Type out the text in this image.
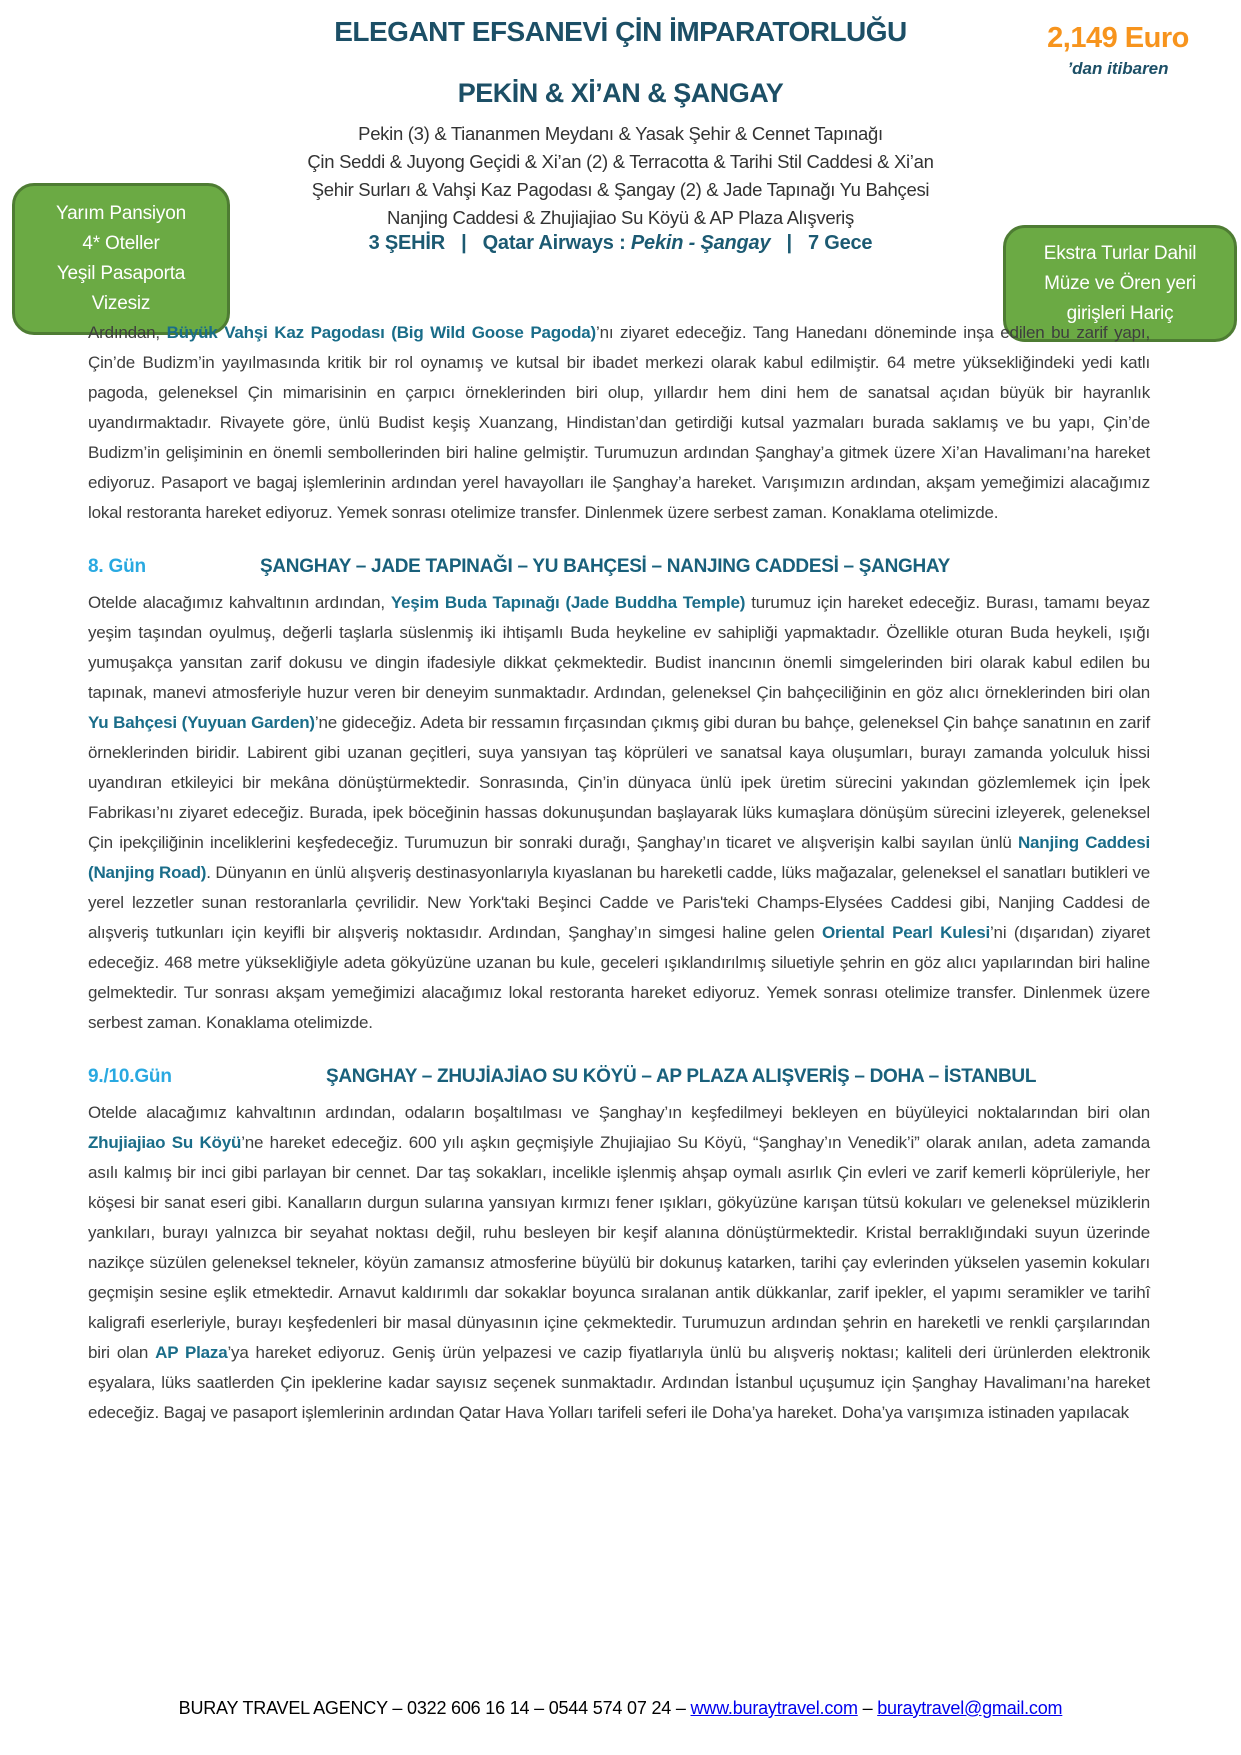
ELEGANT EFSANEVİ ÇİN İMPARATORLUĞU
PEKİN & Xİ’AN & ŞANGAY
2,149 Euro
’dan itibaren
Pekin (3) & Tiananmen Meydanı & Yasak Şehir & Cennet Tapınağı
Çin Seddi & Juyong Geçidi & Xi’an (2) & Terracotta & Tarihi Stil Caddesi & Xi’an
Şehir Surları & Vahşi Kaz Pagodası & Şangay (2) & Jade Tapınağı Yu Bahçesi
Nanjing Caddesi & Zhujiajiao Su Köyü & AP Plaza Alışveriş
3 ŞEHİR   |   Qatar Airways : Pekin - Şangay   |   7 Gece
Yarım Pansiyon
4* Oteller
Yeşil Pasaporta
Vizesiz
Ekstra Turlar Dahil
Müze ve Ören yeri
girişleri Hariç

Ardından, Büyük Vahşi Kaz Pagodası (Big Wild Goose Pagoda)’nı ziyaret edeceğiz. Tang Hanedanı döneminde inşa edilen bu zarif yapı, Çin’de Budizm’in yayılmasında kritik bir rol oynamış ve kutsal bir ibadet merkezi olarak kabul edilmiştir. 64 metre yüksekliğindeki yedi katlı pagoda, geleneksel Çin mimarisinin en çarpıcı örneklerinden biri olup, yıllardır hem dini hem de sanatsal açıdan büyük bir hayranlık uyandırmaktadır. Rivayete göre, ünlü Budist keşiş Xuanzang, Hindistan’dan getirdiği kutsal yazmaları burada saklamış ve bu yapı, Çin’de Budizm’in gelişiminin en önemli sembollerinden biri haline gelmiştir. Turumuzun ardından Şanghay’a gitmek üzere Xi’an Havalimanı’na hareket ediyoruz. Pasaport ve bagaj işlemlerinin ardından yerel havayolları ile Şanghay’a hareket. Varışımızın ardından, akşam yemeğimizi alacağımız lokal restoranta hareket ediyoruz. Yemek sonrası otelimize transfer. Dinlenmek üzere serbest zaman. Konaklama otelimizde.

8. Gün	ŞANGHAY – JADE TAPINAĞI – YU BAHÇESİ – NANJING CADDESİ – ŞANGHAY

Otelde alacağımız kahvaltının ardından, Yeşim Buda Tapınağı (Jade Buddha Temple) turumuz için hareket edeceğiz. Burası, tamamı beyaz yeşim taşından oyulmuş, değerli taşlarla süslenmiş iki ihtişamlı Buda heykeline ev sahipliği yapmaktadır. Özellikle oturan Buda heykeli, ışığı yumuşakça yansıtan zarif dokusu ve dingin ifadesiyle dikkat çekmektedir. Budist inancının önemli simgelerinden biri olarak kabul edilen bu tapınak, manevi atmosferiyle huzur veren bir deneyim sunmaktadır. Ardından, geleneksel Çin bahçeciliğinin en göz alıcı örneklerinden biri olan Yu Bahçesi (Yuyuan Garden)’ne gideceğiz. Adeta bir ressamın fırçasından çıkmış gibi duran bu bahçe, geleneksel Çin bahçe sanatının en zarif örneklerinden biridir. Labirent gibi uzanan geçitleri, suya yansıyan taş köprüleri ve sanatsal kaya oluşumları, burayı zamanda yolculuk hissi uyandıran etkileyici bir mekâna dönüştürmektedir. Sonrasında, Çin’in dünyaca ünlü ipek üretim sürecini yakından gözlemlemek için İpek Fabrikası’nı ziyaret edeceğiz. Burada, ipek böceğinin hassas dokunuşundan başlayarak lüks kumaşlara dönüşüm sürecini izleyerek, geleneksel Çin ipekçiliğinin inceliklerini keşfedeceğiz. Turumuzun bir sonraki durağı, Şanghay’ın ticaret ve alışverişin kalbi sayılan ünlü Nanjing Caddesi (Nanjing Road). Dünyanın en ünlü alışveriş destinasyonlarıyla kıyaslanan bu hareketli cadde, lüks mağazalar, geleneksel el sanatları butikleri ve yerel lezzetler sunan restoranlarla çevrilidir. New York'taki Beşinci Cadde ve Paris'teki Champs-Elysées Caddesi gibi, Nanjing Caddesi de alışveriş tutkunları için keyifli bir alışveriş noktasıdır. Ardından, Şanghay’ın simgesi haline gelen Oriental Pearl Kulesi’ni (dışarıdan) ziyaret edeceğiz. 468 metre yüksekliğiyle adeta gökyüzüne uzanan bu kule, geceleri ışıklandırılmış siluetiyle şehrin en göz alıcı yapılarından biri haline gelmektedir. Tur sonrası akşam yemeğimizi alacağımız lokal restoranta hareket ediyoruz. Yemek sonrası otelimize transfer. Dinlenmek üzere serbest zaman. Konaklama otelimizde.

9./10.Gün	ŞANGHAY – ZHUJİAJİAO SU KÖYÜ – AP PLAZA ALIŞVERİŞ – DOHA – İSTANBUL

Otelde alacağımız kahvaltının ardından, odaların boşaltılması ve Şanghay’ın keşfedilmeyi bekleyen en büyüleyici noktalarından biri olan Zhujiajiao Su Köyü’ne hareket edeceğiz. 600 yılı aşkın geçmişiyle Zhujiajiao Su Köyü, “Şanghay’ın Venedik’i” olarak anılan, adeta zamanda asılı kalmış bir inci gibi parlayan bir cennet. Dar taş sokakları, incelikle işlenmiş ahşap oymalı asırlık Çin evleri ve zarif kemerli köprüleriyle, her köşesi bir sanat eseri gibi. Kanalların durgun sularına yansıyan kırmızı fener ışıkları, gökyüzüne karışan tütsü kokuları ve geleneksel müziklerin yankıları, burayı yalnızca bir seyahat noktası değil, ruhu besleyen bir keşif alanına dönüştürmektedir. Kristal berraklığındaki suyun üzerinde nazikçe süzülen geleneksel tekneler, köyün zamansız atmosferine büyülü bir dokunuş katarken, tarihi çay evlerinden yükselen yasemin kokuları geçmişin sesine eşlik etmektedir. Arnavut kaldırımlı dar sokaklar boyunca sıralanan antik dükkanlar, zarif ipekler, el yapımı seramikler ve tarihî kaligrafi eserleriyle, burayı keşfedenleri bir masal dünyasının içine çekmektedir. Turumuzun ardından şehrin en hareketli ve renkli çarşılarından biri olan AP Plaza’ya hareket ediyoruz. Geniş ürün yelpazesi ve cazip fiyatlarıyla ünlü bu alışveriş noktası; kaliteli deri ürünlerden elektronik eşyalara, lüks saatlerden Çin ipeklerine kadar sayısız seçenek sunmaktadır. Ardından İstanbul uçuşumuz için Şanghay Havalimanı’na hareket edeceğiz. Bagaj ve pasaport işlemlerinin ardından Qatar Hava Yolları tarifeli seferi ile Doha’ya hareket. Doha’ya varışımıza istinaden yapılacak

BURAY TRAVEL AGENCY – 0322 606 16 14 – 0544 574 07 24 – www.buraytravel.com – buraytravel@gmail.com
